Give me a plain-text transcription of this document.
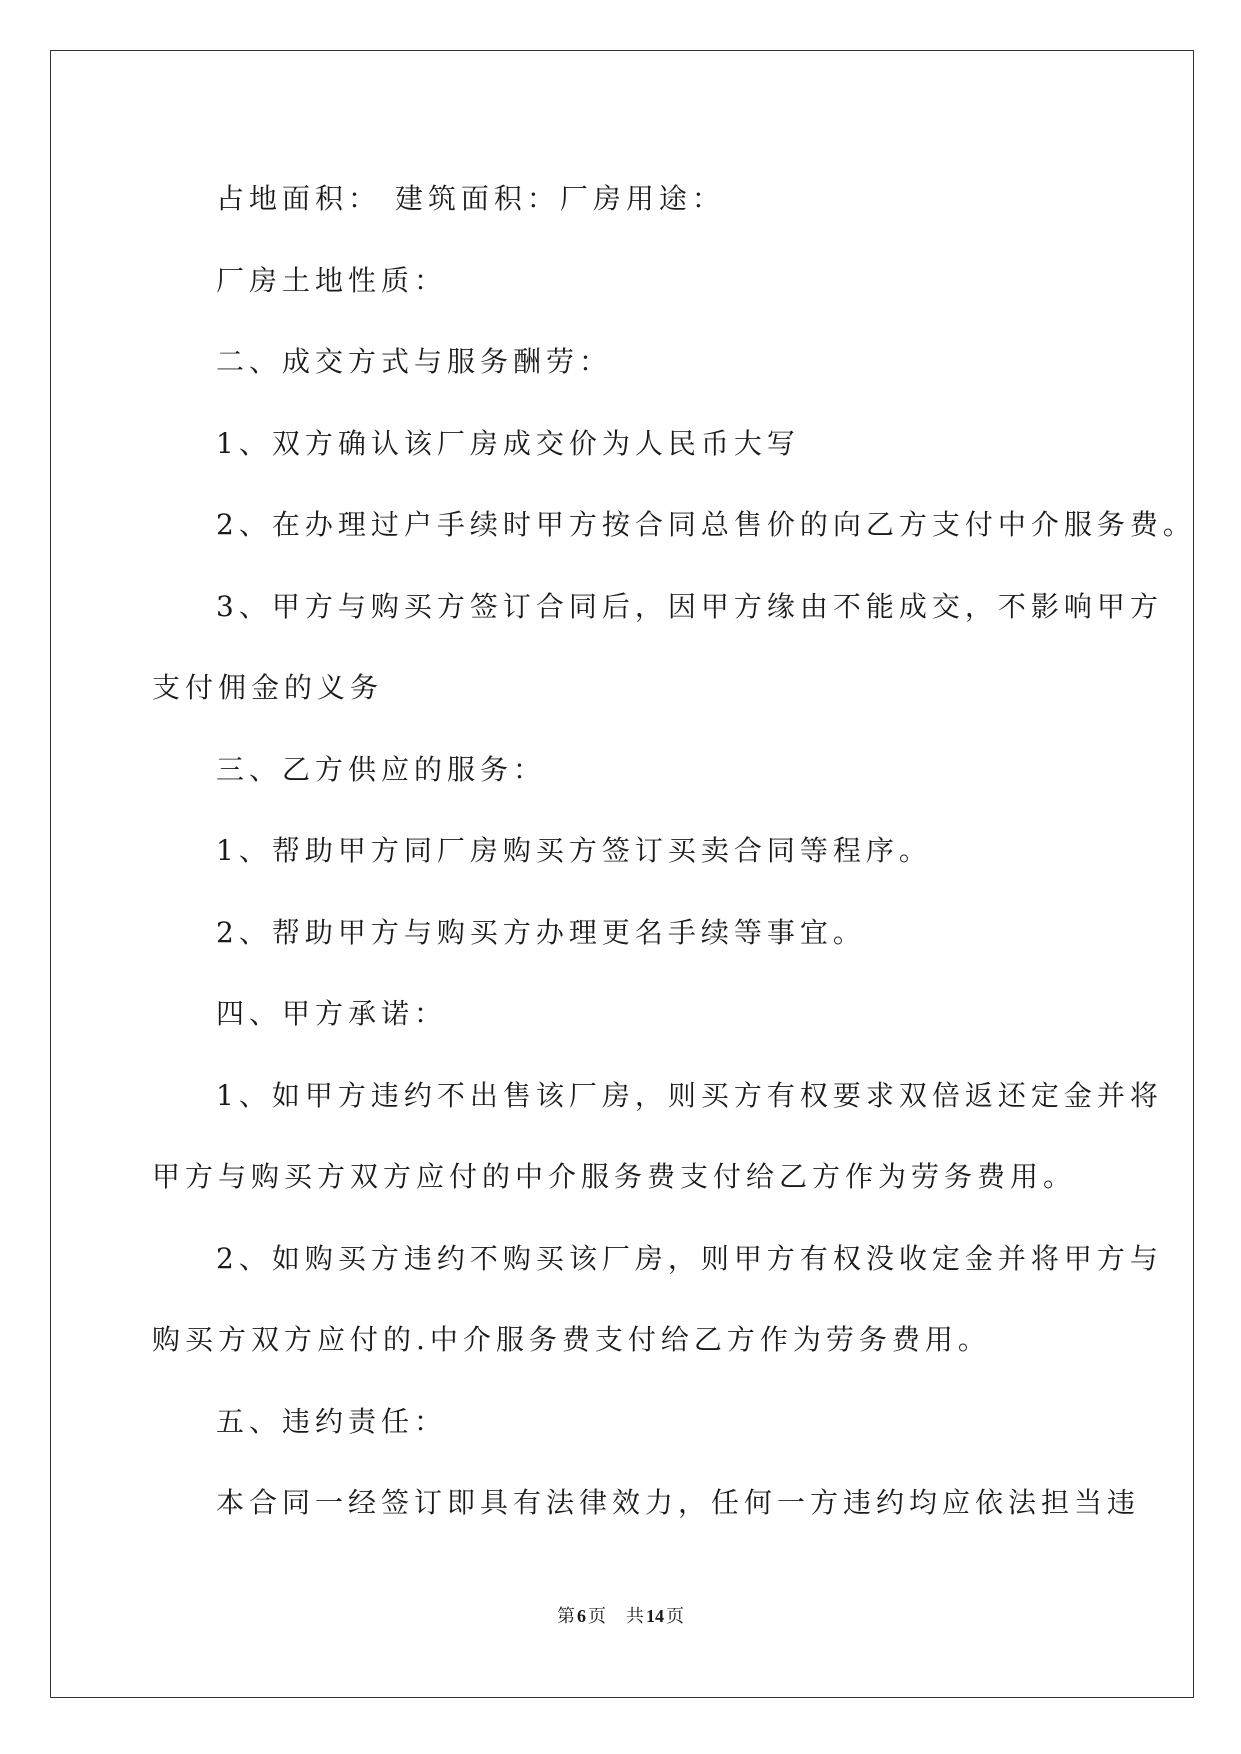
占地面积： 建筑面积：厂房用途：

厂房土地性质：

二、成交方式与服务酬劳：

1、双方确认该厂房成交价为人民币大写

2、在办理过户手续时甲方按合同总售价的向乙方支付中介服务费。

3、甲方与购买方签订合同后，因甲方缘由不能成交，不影响甲方

支付佣金的义务

三、乙方供应的服务：

1、帮助甲方同厂房购买方签订买卖合同等程序。

2、帮助甲方与购买方办理更名手续等事宜。

四、甲方承诺：

1、如甲方违约不出售该厂房，则买方有权要求双倍返还定金并将

甲方与购买方双方应付的中介服务费支付给乙方作为劳务费用。

2、如购买方违约不购买该厂房，则甲方有权没收定金并将甲方与

购买方双方应付的.中介服务费支付给乙方作为劳务费用。

五、违约责任：

本合同一经签订即具有法律效力，任何一方违约均应依法担当违

第 6 页 共 14 页
